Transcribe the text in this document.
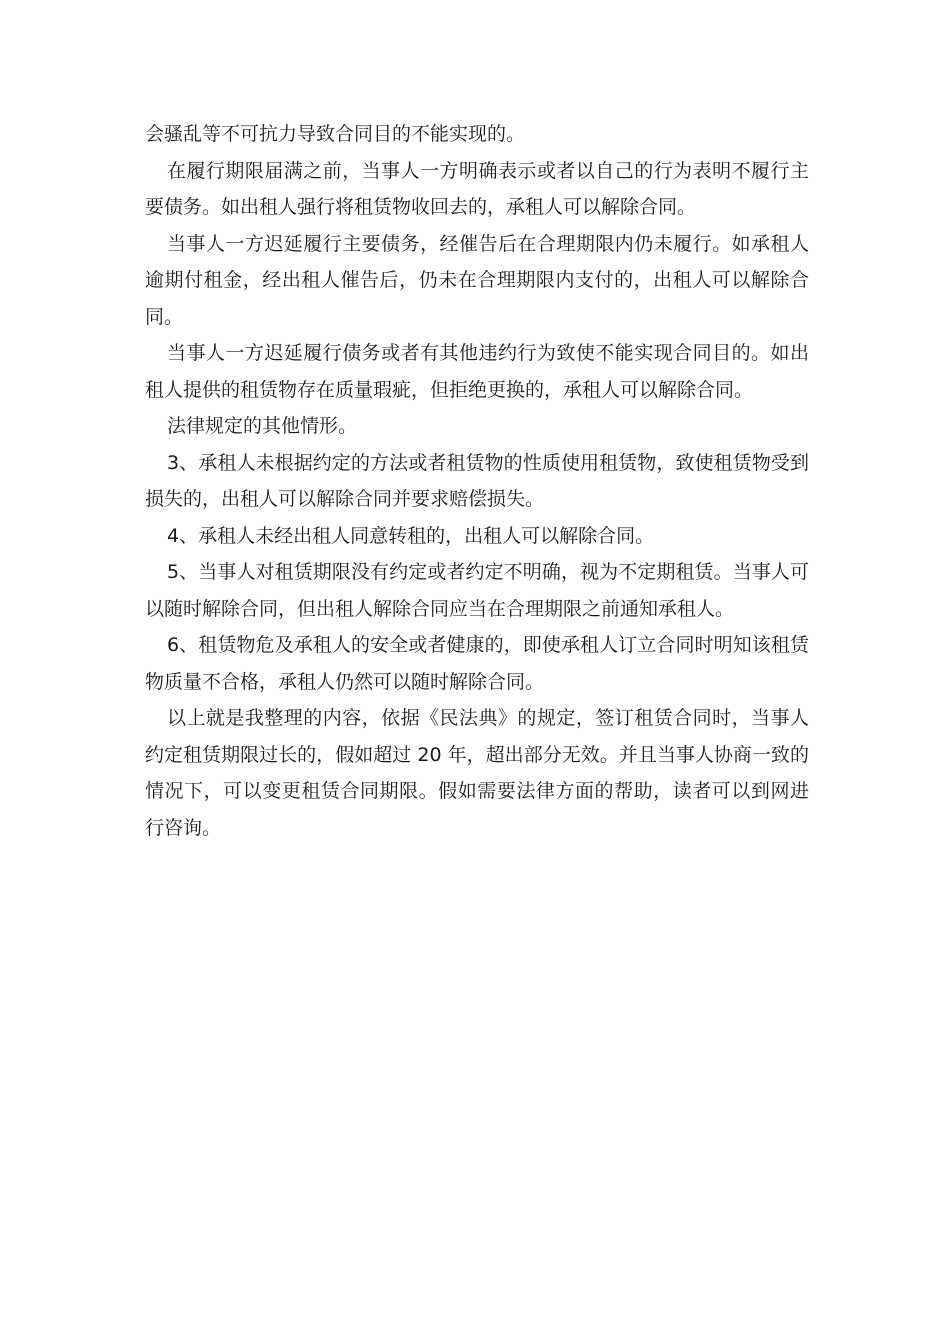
会骚乱等不可抗力导致合同目的不能实现的。

在履行期限届满之前，当事人一方明确表示或者以自己的行为表明不履行主要债务。如出租人强行将租赁物收回去的，承租人可以解除合同。

当事人一方迟延履行主要债务，经催告后在合理期限内仍未履行。如承租人逾期付租金，经出租人催告后，仍未在合理期限内支付的，出租人可以解除合同。

当事人一方迟延履行债务或者有其他违约行为致使不能实现合同目的。如出租人提供的租赁物存在质量瑕疵，但拒绝更换的，承租人可以解除合同。

法律规定的其他情形。

3、承租人未根据约定的方法或者租赁物的性质使用租赁物，致使租赁物受到损失的，出租人可以解除合同并要求赔偿损失。

4、承租人未经出租人同意转租的，出租人可以解除合同。

5、当事人对租赁期限没有约定或者约定不明确，视为不定期租赁。当事人可以随时解除合同，但出租人解除合同应当在合理期限之前通知承租人。

6、租赁物危及承租人的安全或者健康的，即使承租人订立合同时明知该租赁物质量不合格，承租人仍然可以随时解除合同。

以上就是我整理的内容，依据《民法典》的规定，签订租赁合同时，当事人约定租赁期限过长的，假如超过 20 年，超出部分无效。并且当事人协商一致的情况下，可以变更租赁合同期限。假如需要法律方面的帮助，读者可以到网进行咨询。
